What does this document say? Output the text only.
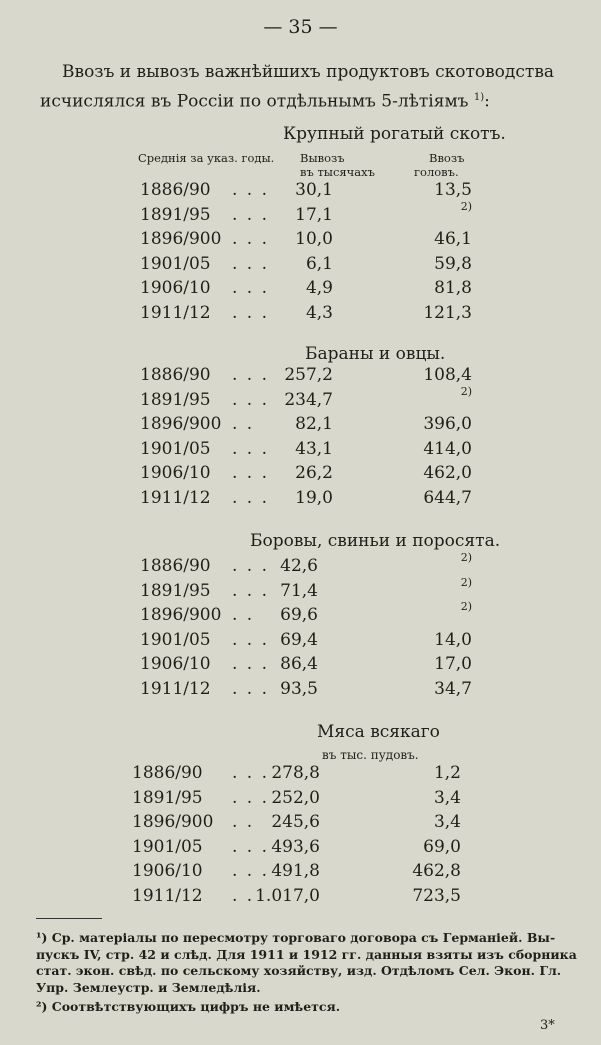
— 35 —
Ввозъ и вывозъ важнѣйшихъ продуктовъ скотоводства
исчислялся въ Россіи по отдѣльнымъ 5-лѣтіямъ $^{1)}$:
Крупный рогатый скотъ.
Среднія за указ. годы. Вывозъ	Ввозъ
въ тысячахъ	головъ.
1886/90 . . . 30,1	13,5
1891/95 . . . 17,1	2)
1896/900 . . . 10,0	46,1
1901/05 . . . 6,1	59,8
1906/10 . . . 4,9	81,8
1911/12 . . . 4,3	121,3
Бараны и овцы.
1886/90 . . . 257,2	108,4
1891/95 . . . 234,7	2)
1896/900 . . 82,1	396,0
1901/05 . . . 43,1	414,0
1906/10 . . . 26,2	462,0
1911/12 . . . 19,0	644,7
Боровы, свиньи и поросята.
1886/90 . . . 42,6	2)
1891/95 . . . 71,4	2)
1896/900 . . 69,6	2)
1901/05 . . . 69,4	14,0
1906/10 . . . 86,4	17,0
1911/12 . . . 93,5	34,7
Мяса всякаго
въ тыс. пудовъ.
1886/90 . . . 278,8	1,2
1891/95 . . . 252,0	3,4
1896/900 . . 245,6	3,4
1901/05 . . . 493,6	69,0
1906/10 . . . 491,8	462,8
1911/12 . . 1.017,0	723,5
¹) Ср. матеріалы по пересмотру торговаго договора съ Германіей. Вы-
пускъ IV, стр. 42 и слѣд. Для 1911 и 1912 гг. данныя взяты изъ сборника
стат. экон. свѣд. по сельскому хозяйству, изд. Отдѣломъ Сел. Экон. Гл.
Упр. Землеустр. и Земледѣлія.
²) Соотвѣтствующихъ цифръ не имѣется.
3*
